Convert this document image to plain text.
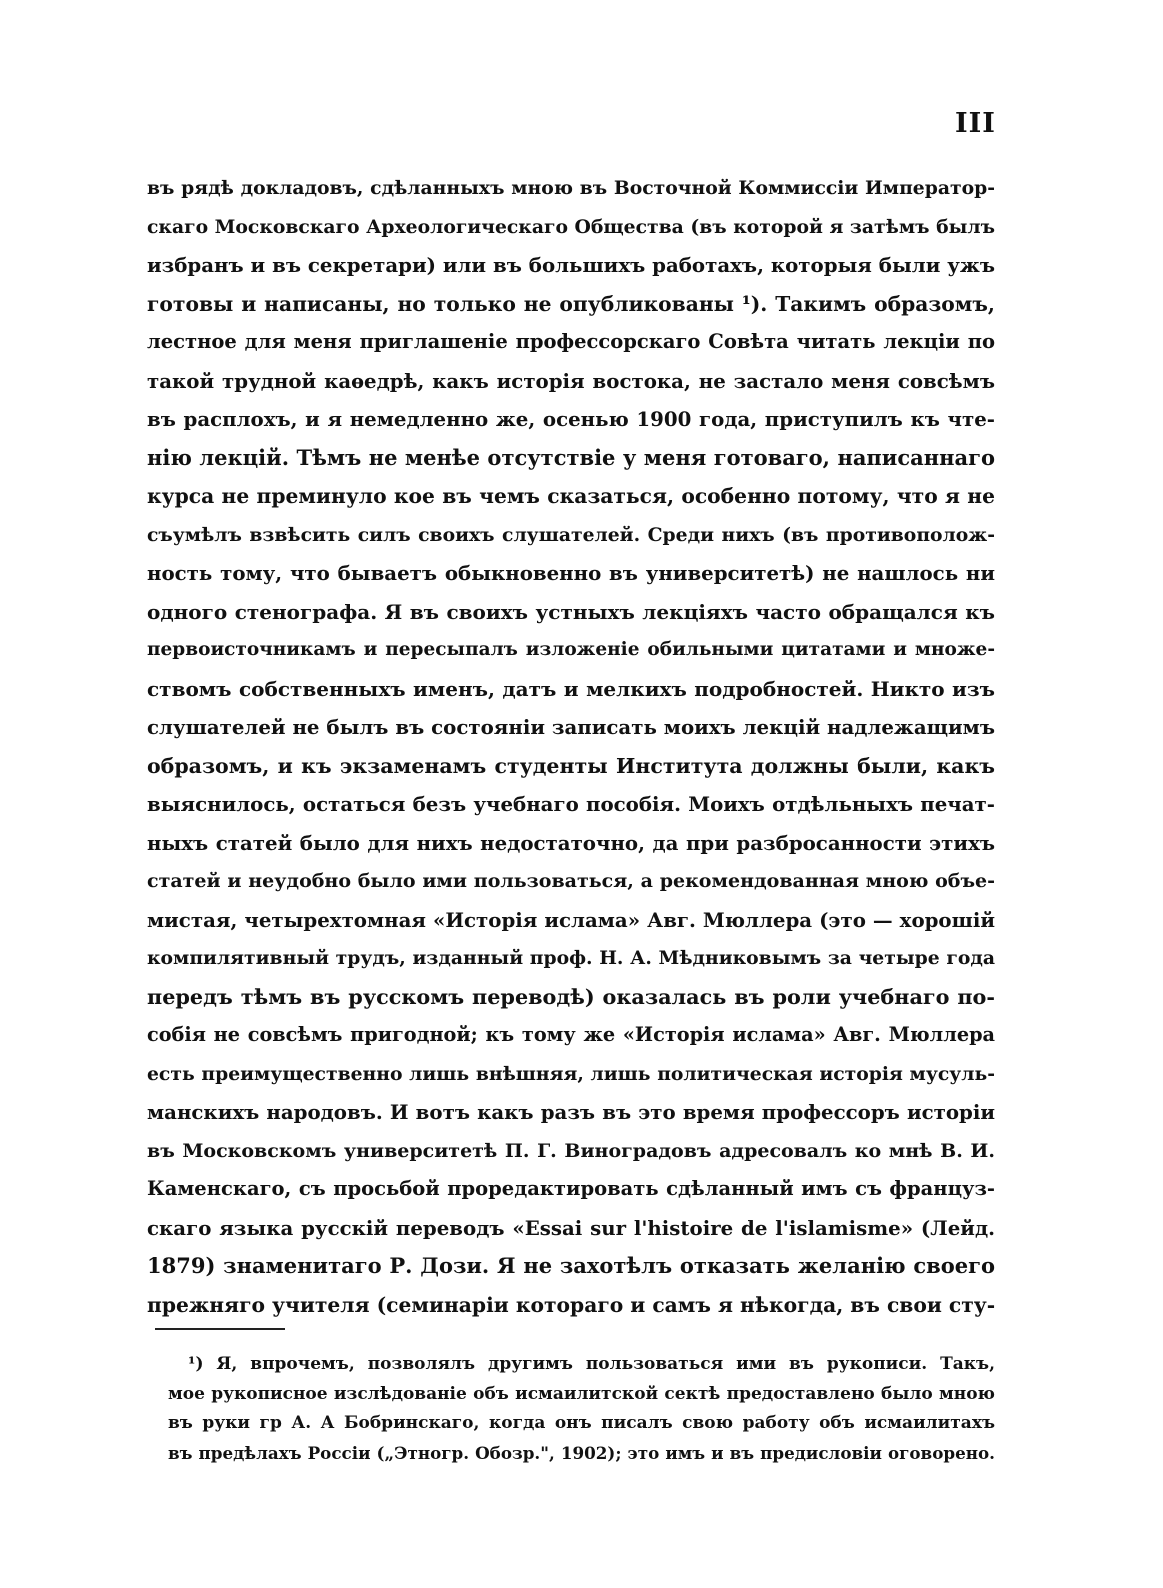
III
въ рядѣ докладовъ, сдѣланныхъ мною въ Восточной Коммиссіи Император-
скаго Московскаго Археологическаго Общества (въ которой я затѣмъ былъ
избранъ и въ секретари) или въ большихъ работахъ, которыя были ужъ
готовы и написаны, но только не опубликованы ¹). Такимъ образомъ,
лестное для меня приглашеніе профессорскаго Совѣта читать лекціи по
такой трудной каѳедрѣ, какъ исторія востока, не застало меня совсѣмъ
въ расплохъ, и я немедленно же, осенью 1900 года, приступилъ къ чте-
нію лекцій. Тѣмъ не менѣе отсутствіе у меня готоваго, написаннаго
курса не преминуло кое въ чемъ сказаться, особенно потому, что я не
съумѣлъ взвѣсить силъ своихъ слушателей. Среди нихъ (въ противополож-
ность тому, что бываетъ обыкновенно въ университетѣ) не нашлось ни
одного стенографа. Я въ своихъ устныхъ лекціяхъ часто обращался къ
первоисточникамъ и пересыпалъ изложеніе обильными цитатами и множе-
ствомъ собственныхъ именъ, датъ и мелкихъ подробностей. Никто изъ
слушателей не былъ въ состояніи записать моихъ лекцій надлежащимъ
образомъ, и къ экзаменамъ студенты Института должны были, какъ
выяснилось, остаться безъ учебнаго пособія. Моихъ отдѣльныхъ печат-
ныхъ статей было для нихъ недостаточно, да при разбросанности этихъ
статей и неудобно было ими пользоваться, а рекомендованная мною объе-
мистая, четырехтомная «Исторія ислама» Авг. Мюллера (это — хорошій
компилятивный трудъ, изданный проф. Н. А. Мѣдниковымъ за четыре года
передъ тѣмъ въ русскомъ переводѣ) оказалась въ роли учебнаго по-
собія не совсѣмъ пригодной; къ тому же «Исторія ислама» Авг. Мюллера
есть преимущественно лишь внѣшняя, лишь политическая исторія мусуль-
манскихъ народовъ. И вотъ какъ разъ въ это время профессоръ исторіи
въ Московскомъ университетѣ П. Г. Виноградовъ адресовалъ ко мнѣ В. И.
Каменскаго, съ просьбой проредактировать сдѣланный имъ съ француз-
скаго языка русскій переводъ «Essai sur l'histoire de l'islamisme» (Лейд.
1879) знаменитаго Р. Дози. Я не захотѣлъ отказать желанію своего
прежняго учителя (семинаріи котораго и самъ я нѣкогда, въ свои сту-
¹) Я, впрочемъ, позволялъ другимъ пользоваться ими въ рукописи. Такъ,
мое рукописное изслѣдованіе объ исмаилитской сектѣ предоставлено было мною
въ руки гр А. А Бобринскаго, когда онъ писалъ свою работу объ исмаилитахъ
въ предѣлахъ Россіи („Этногр. Обозр.", 1902); это имъ и въ предисловіи оговорено.
